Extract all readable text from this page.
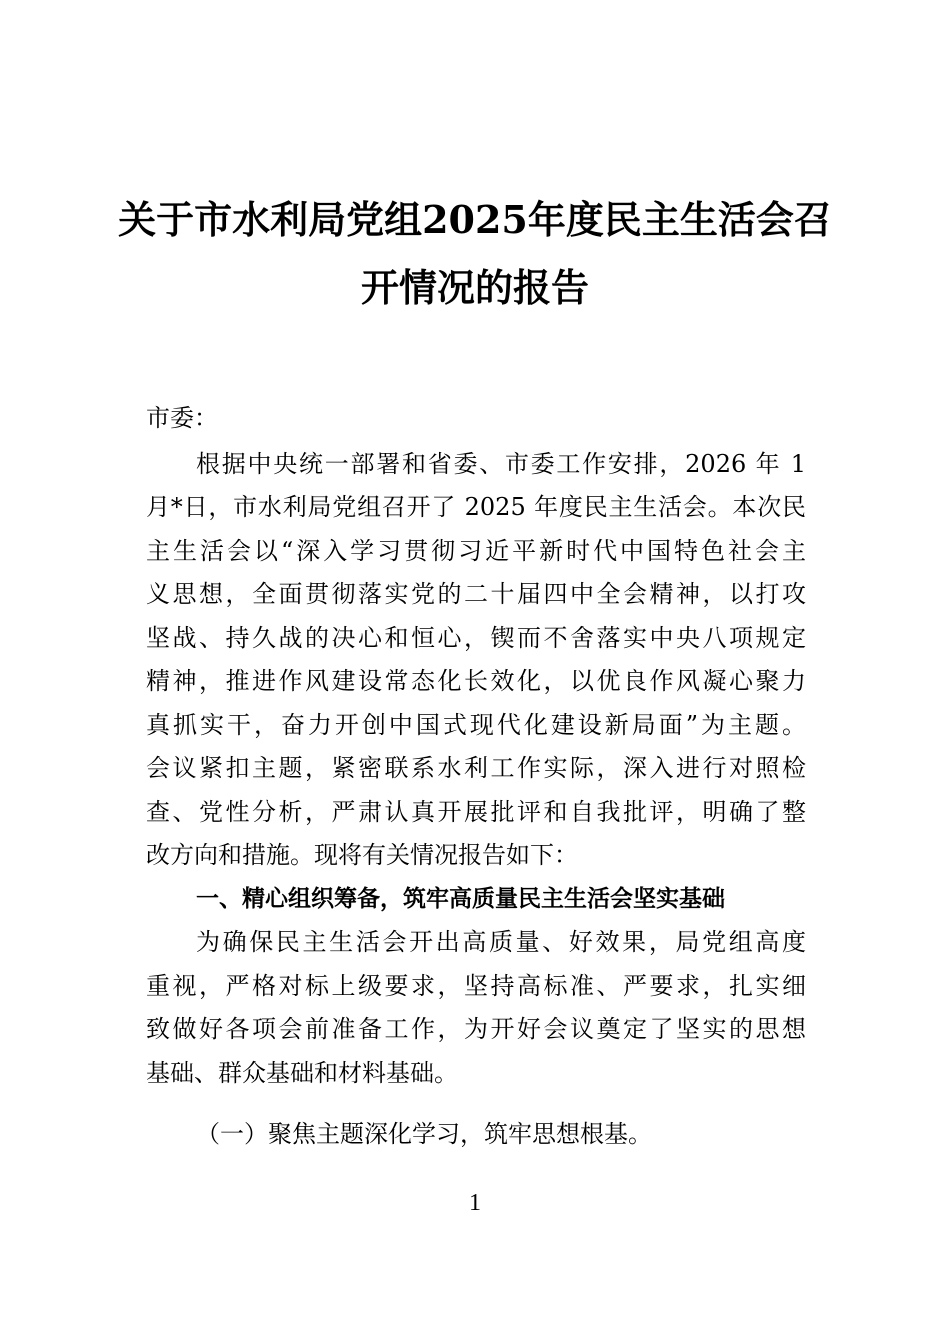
关于市水利局党组2025年度民主生活会召
开情况的报告
市委：
根据中央统一部署和省委、市委工作安排，2026 年 1
月*日，市水利局党组召开了 2025 年度民主生活会。本次民
主生活会以“深入学习贯彻习近平新时代中国特色社会主
义思想，全面贯彻落实党的二十届四中全会精神，以打攻
坚战、持久战的决心和恒心，锲而不舍落实中央八项规定
精神，推进作风建设常态化长效化，以优良作风凝心聚力
真抓实干，奋力开创中国式现代化建设新局面”为主题。
会议紧扣主题，紧密联系水利工作实际，深入进行对照检
查、党性分析，严肃认真开展批评和自我批评，明确了整
改方向和措施。现将有关情况报告如下：
一、精心组织筹备，筑牢高质量民主生活会坚实基础
为确保民主生活会开出高质量、好效果，局党组高度
重视，严格对标上级要求，坚持高标准、严要求，扎实细
致做好各项会前准备工作，为开好会议奠定了坚实的思想
基础、群众基础和材料基础。
（一）聚焦主题深化学习，筑牢思想根基。
1
